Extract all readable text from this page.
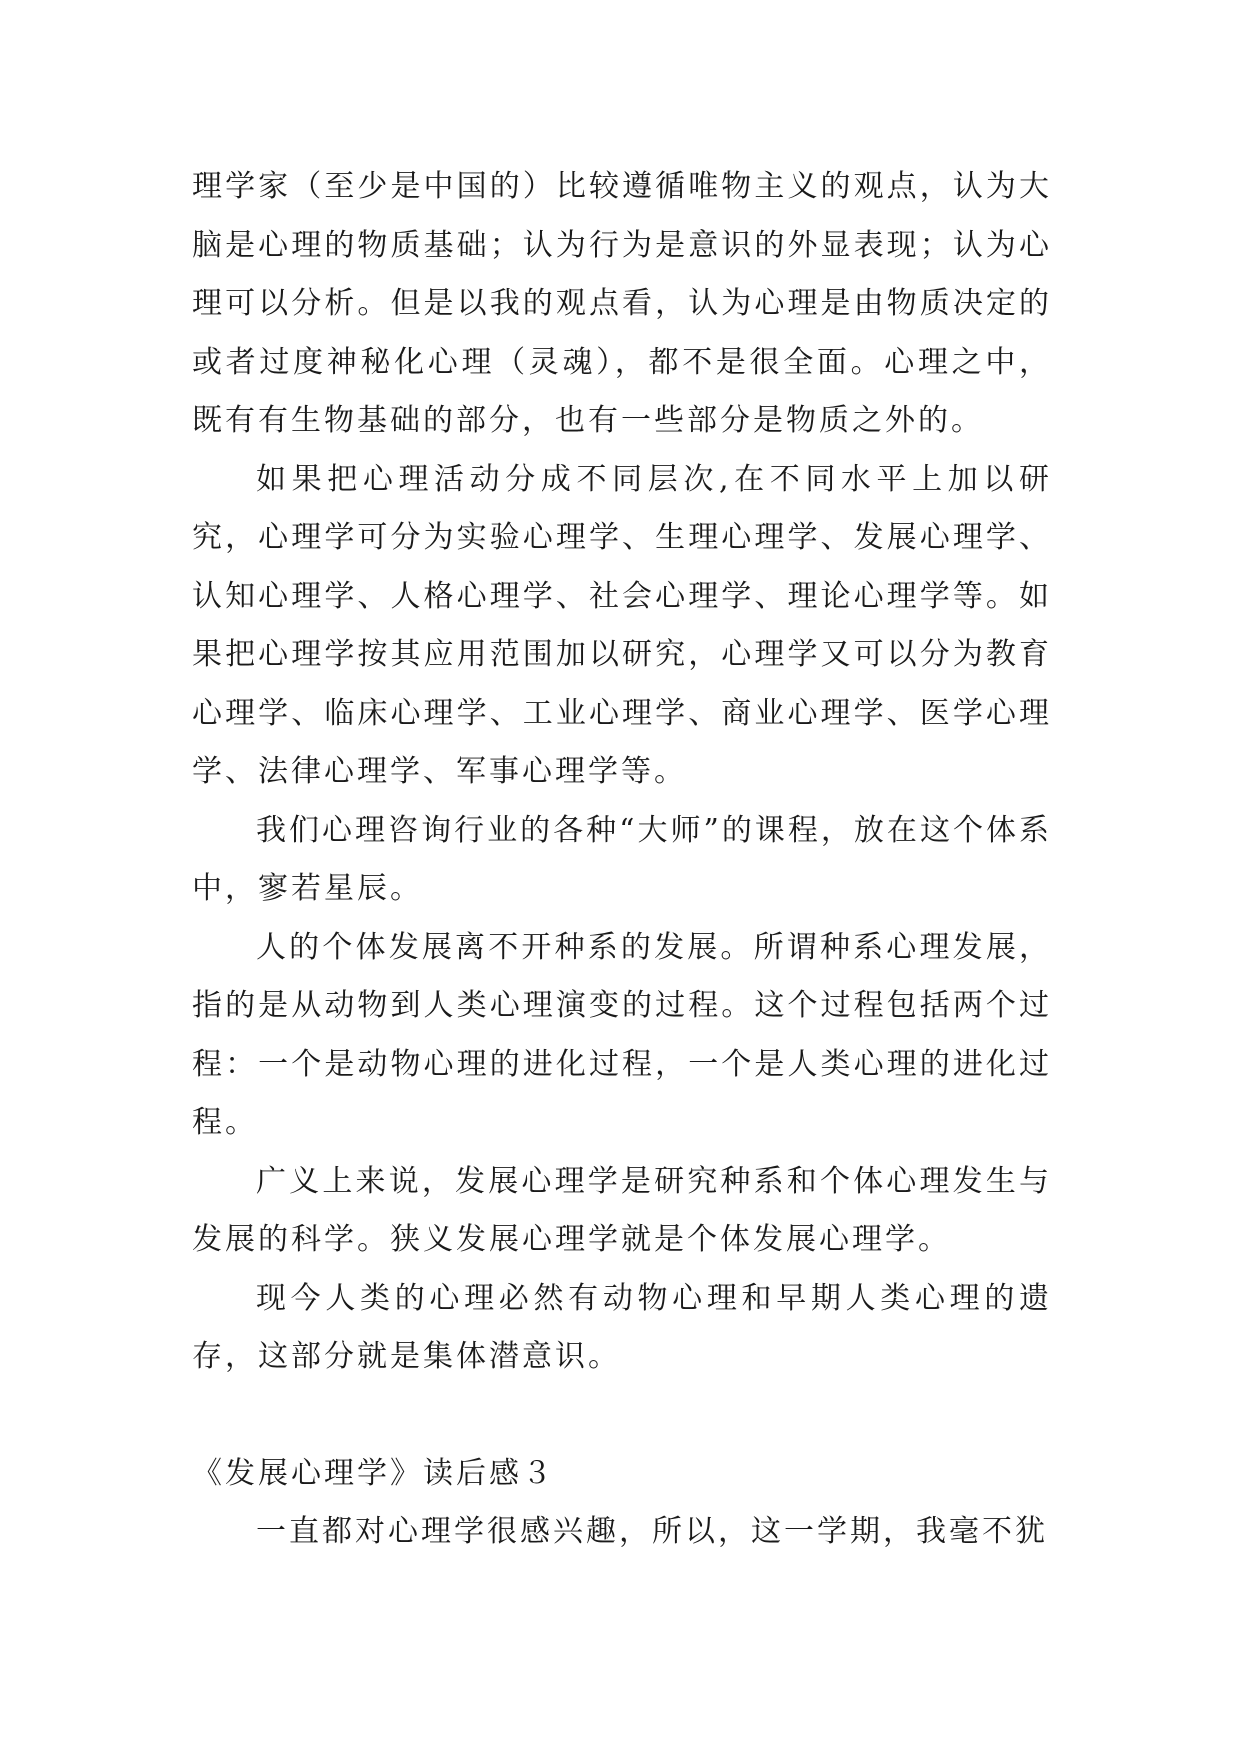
理学家（至少是中国的）比较遵循唯物主义的观点，认为大脑是心理的物质基础；认为行为是意识的外显表现；认为心理可以分析。但是以我的观点看，认为心理是由物质决定的或者过度神秘化心理（灵魂），都不是很全面。心理之中，既有有生物基础的部分，也有一些部分是物质之外的。

如果把心理活动分成不同层次,在不同水平上加以研究，心理学可分为实验心理学、生理心理学、发展心理学、认知心理学、人格心理学、社会心理学、理论心理学等。如果把心理学按其应用范围加以研究，心理学又可以分为教育心理学、临床心理学、工业心理学、商业心理学、医学心理学、法律心理学、军事心理学等。

我们心理咨询行业的各种“大师”的课程，放在这个体系中，寥若星辰。

人的个体发展离不开种系的发展。所谓种系心理发展，指的是从动物到人类心理演变的过程。这个过程包括两个过程：一个是动物心理的进化过程，一个是人类心理的进化过程。

广义上来说，发展心理学是研究种系和个体心理发生与发展的科学。狭义发展心理学就是个体发展心理学。

现今人类的心理必然有动物心理和早期人类心理的遗存，这部分就是集体潜意识。

《发展心理学》读后感３

一直都对心理学很感兴趣，所以，这一学期，我毫不犹
